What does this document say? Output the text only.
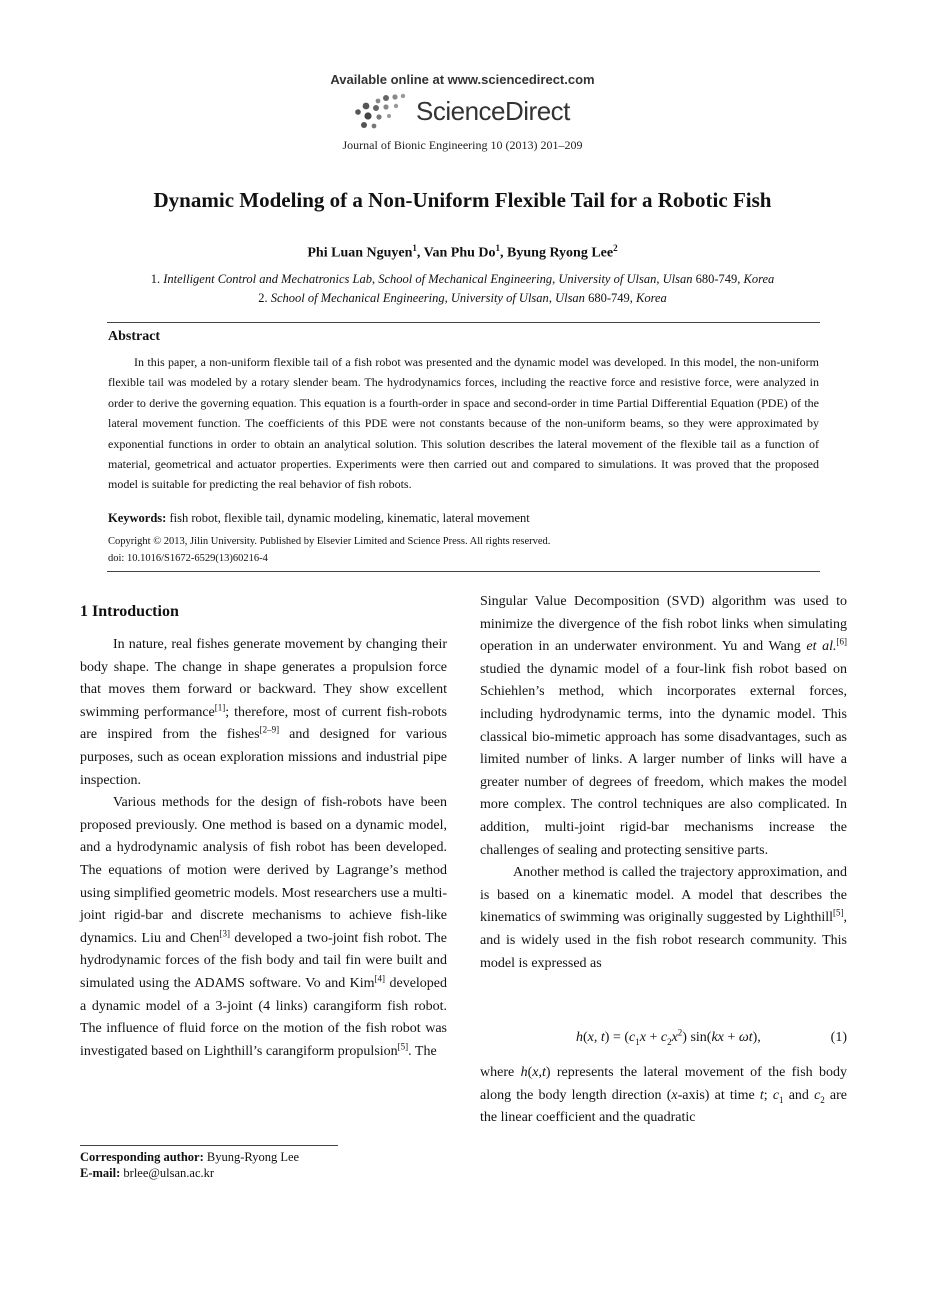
Available online at www.sciencedirect.com
ScienceDirect
Journal of Bionic Engineering 10 (2013) 201–209
Dynamic Modeling of a Non-Uniform Flexible Tail for a Robotic Fish
Phi Luan Nguyen$^1$, Van Phu Do$^1$, Byung Ryong Lee$^2$
1. Intelligent Control and Mechatronics Lab, School of Mechanical Engineering, University of Ulsan, Ulsan 680-749, Korea
2. School of Mechanical Engineering, University of Ulsan, Ulsan 680-749, Korea
Abstract

In this paper, a non-uniform flexible tail of a fish robot was presented and the dynamic model was developed. In this model, the non-uniform flexible tail was modeled by a rotary slender beam. The hydrodynamics forces, including the reactive force and resistive force, were analyzed in order to derive the governing equation. This equation is a fourth-order in space and second-order in time Partial Differential Equation (PDE) of the lateral movement function. The coefficients of this PDE were not constants because of the non-uniform beams, so they were approximated by exponential functions in order to obtain an analytical solution. This solution describes the lateral movement of the flexible tail as a function of material, geometrical and actuator properties. Experiments were then carried out and compared to simulations. It was proved that the proposed model is suitable for predicting the real behavior of fish robots.

Keywords: fish robot, flexible tail, dynamic modeling, kinematic, lateral movement
Copyright © 2013, Jilin University. Published by Elsevier Limited and Science Press. All rights reserved.
doi: 10.1016/S1672-6529(13)60216-4
1 Introduction

In nature, real fishes generate movement by changing their body shape. The change in shape generates a propulsion force that moves them forward or backward. They show excellent swimming performance[1]; therefore, most of current fish-robots are inspired from the fishes[2–9] and designed for various purposes, such as ocean exploration missions and industrial pipe inspection.

Various methods for the design of fish-robots have been proposed previously. One method is based on a dynamic model, and a hydrodynamic analysis of fish robot has been developed. The equations of motion were derived by Lagrange’s method using simplified geometric models. Most researchers use a multi-joint rigid-bar and discrete mechanisms to achieve fish-like dynamics. Liu and Chen[3] developed a two-joint fish robot. The hydrodynamic forces of the fish body and tail fin were built and simulated using the ADAMS software. Vo and Kim[4] developed a dynamic model of a 3-joint (4 links) carangiform fish robot. The influence of fluid force on the motion of the fish robot was investigated based on Lighthill’s carangiform propulsion[5]. The

Singular Value Decomposition (SVD) algorithm was used to minimize the divergence of the fish robot links when simulating operation in an underwater environment. Yu and Wang et al.[6] studied the dynamic model of a four-link fish robot based on Schiehlen’s method, which incorporates external forces, including hydrodynamic terms, into the dynamic model. This classical bio-mimetic approach has some disadvantages, such as limited number of links. A larger number of links will have a greater number of degrees of freedom, which makes the model more complex. The control techniques are also complicated. In addition, multi-joint rigid-bar mechanisms increase the challenges of sealing and protecting sensitive parts.

Another method is called the trajectory approximation, and is based on a kinematic model. A model that describes the kinematics of swimming was originally suggested by Lighthill[5], and is widely used in the fish robot research community. This model is expressed as

h(x, $t) = (c_1x + c_2x^2) \sin(kx + \omega t)$,	(1)

where h(x,t) represents the lateral movement of the fish body along the body length direction (x-axis) at time t; $c_1$ and $c_2$ are the linear coefficient and the quadratic

Corresponding author: Byung-Ryong Lee
E-mail: brlee@ulsan.ac.kr
